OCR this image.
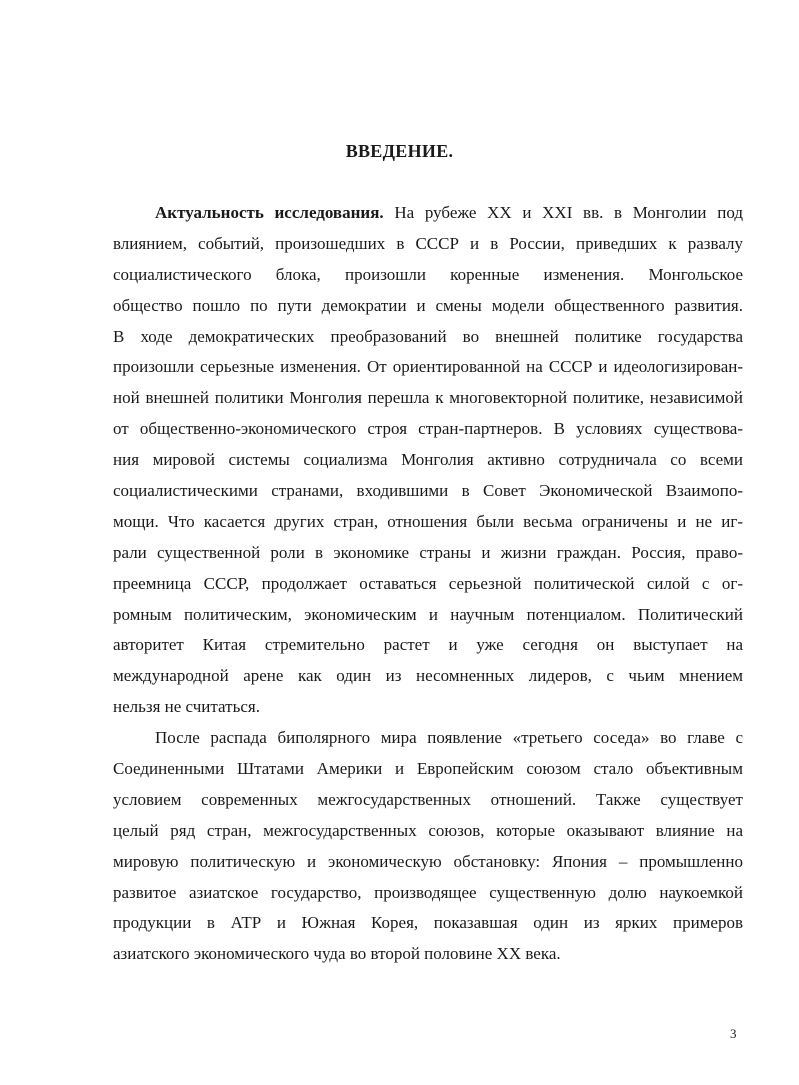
ВВЕДЕНИЕ.
Актуальность исследования. На рубеже XX и XXI вв. в Монголии под
влиянием, событий, произошедших в СССР и в России, приведших к развалу
социалистического блока, произошли коренные изменения. Монгольское
общество пошло по пути демократии и смены модели общественного развития.
В ходе демократических преобразований во внешней политике государства
произошли серьезные изменения. От ориентированной на СССР и идеологизирован-
ной внешней политики Монголия перешла к многовекторной политике, независимой
от общественно-экономического строя стран-партнеров. В условиях существова-
ния мировой системы социализма Монголия активно сотрудничала со всеми
социалистическими странами, входившими в Совет Экономической Взаимопо-
мощи. Что касается других стран, отношения были весьма ограничены и не иг-
рали существенной роли в экономике страны и жизни граждан. Россия, право-
преемница СССР, продолжает оставаться серьезной политической силой с ог-
ромным политическим, экономическим и научным потенциалом. Политический
авторитет Китая стремительно растет и уже сегодня он выступает на
международной арене как один из несомненных лидеров, с чьим мнением
нельзя не считаться.
После распада биполярного мира появление «третьего соседа» во главе с
Соединенными Штатами Америки и Европейским союзом стало объективным
условием современных межгосударственных отношений. Также существует
целый ряд стран, межгосударственных союзов, которые оказывают влияние на
мировую политическую и экономическую обстановку: Япония – промышленно
развитое азиатское государство, производящее существенную долю наукоемкой
продукции в АТР и Южная Корея, показавшая один из ярких примеров
азиатского экономического чуда во второй половине XX века.
3
